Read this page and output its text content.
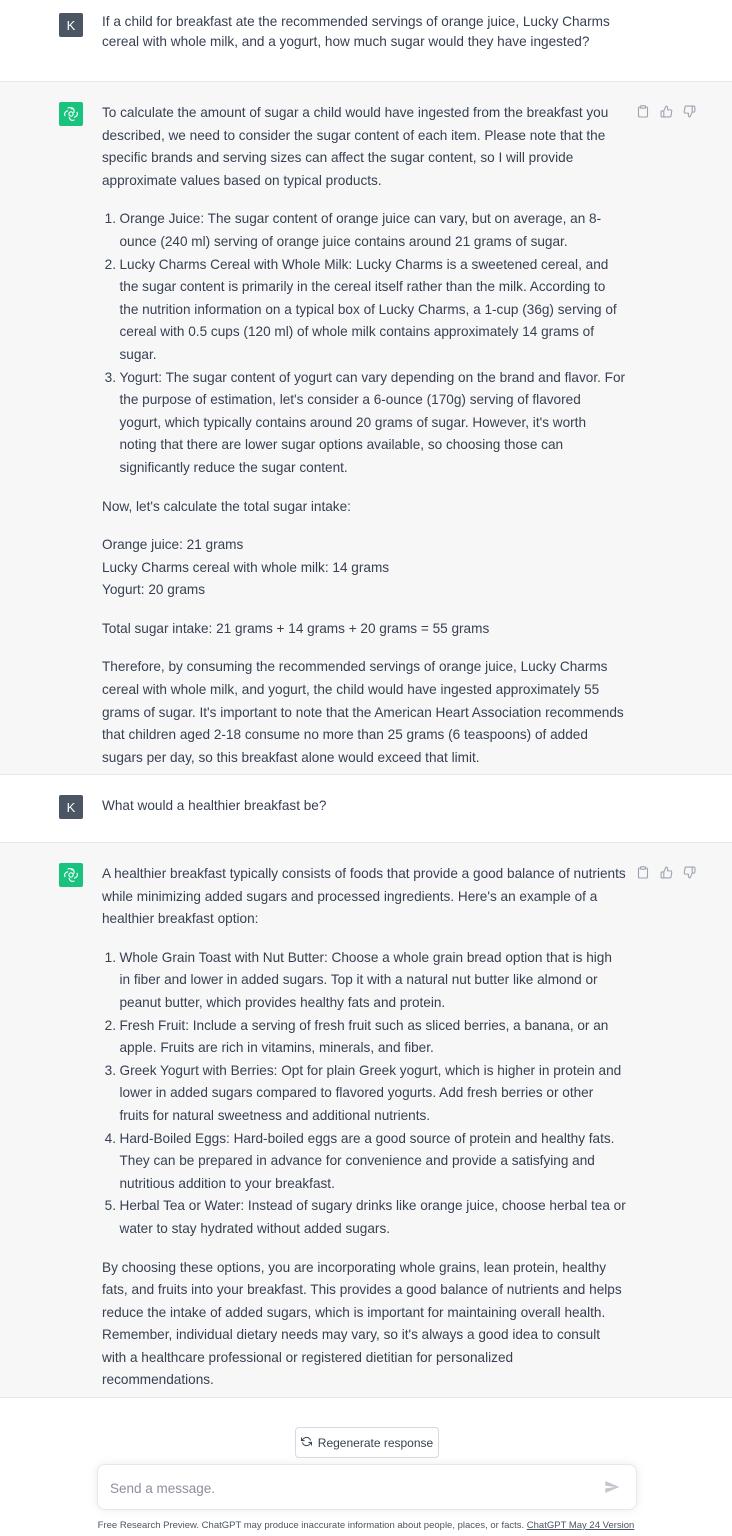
K	If a child for breakfast ate the recommended servings of orange juice, Lucky Charms cereal with whole milk, and a yogurt, how much sugar would they have ingested?

To calculate the amount of sugar a child would have ingested from the breakfast you described, we need to consider the sugar content of each item. Please note that the specific brands and serving sizes can affect the sugar content, so I will provide approximate values based on typical products.

1. Orange Juice: The sugar content of orange juice can vary, but on average, an 8-ounce (240 ml) serving of orange juice contains around 21 grams of sugar.
2. Lucky Charms Cereal with Whole Milk: Lucky Charms is a sweetened cereal, and the sugar content is primarily in the cereal itself rather than the milk. According to the nutrition information on a typical box of Lucky Charms, a 1-cup (36g) serving of cereal with 0.5 cups (120 ml) of whole milk contains approximately 14 grams of sugar.
3. Yogurt: The sugar content of yogurt can vary depending on the brand and flavor. For the purpose of estimation, let's consider a 6-ounce (170g) serving of flavored yogurt, which typically contains around 20 grams of sugar. However, it's worth noting that there are lower sugar options available, so choosing those can significantly reduce the sugar content.

Now, let's calculate the total sugar intake:

Orange juice: 21 grams
Lucky Charms cereal with whole milk: 14 grams
Yogurt: 20 grams

Total sugar intake: 21 grams + 14 grams + 20 grams = 55 grams

Therefore, by consuming the recommended servings of orange juice, Lucky Charms cereal with whole milk, and yogurt, the child would have ingested approximately 55 grams of sugar. It's important to note that the American Heart Association recommends that children aged 2-18 consume no more than 25 grams (6 teaspoons) of added sugars per day, so this breakfast alone would exceed that limit.

K	What would a healthier breakfast be?

A healthier breakfast typically consists of foods that provide a good balance of nutrients while minimizing added sugars and processed ingredients. Here's an example of a healthier breakfast option:

1. Whole Grain Toast with Nut Butter: Choose a whole grain bread option that is high in fiber and lower in added sugars. Top it with a natural nut butter like almond or peanut butter, which provides healthy fats and protein.
2. Fresh Fruit: Include a serving of fresh fruit such as sliced berries, a banana, or an apple. Fruits are rich in vitamins, minerals, and fiber.
3. Greek Yogurt with Berries: Opt for plain Greek yogurt, which is higher in protein and lower in added sugars compared to flavored yogurts. Add fresh berries or other fruits for natural sweetness and additional nutrients.
4. Hard-Boiled Eggs: Hard-boiled eggs are a good source of protein and healthy fats. They can be prepared in advance for convenience and provide a satisfying and nutritious addition to your breakfast.
5. Herbal Tea or Water: Instead of sugary drinks like orange juice, choose herbal tea or water to stay hydrated without added sugars.

By choosing these options, you are incorporating whole grains, lean protein, healthy fats, and fruits into your breakfast. This provides a good balance of nutrients and helps reduce the intake of added sugars, which is important for maintaining overall health. Remember, individual dietary needs may vary, so it's always a good idea to consult with a healthcare professional or registered dietitian for personalized recommendations.

Regenerate response
Send a message.
Free Research Preview. ChatGPT may produce inaccurate information about people, places, or facts. ChatGPT May 24 Version
